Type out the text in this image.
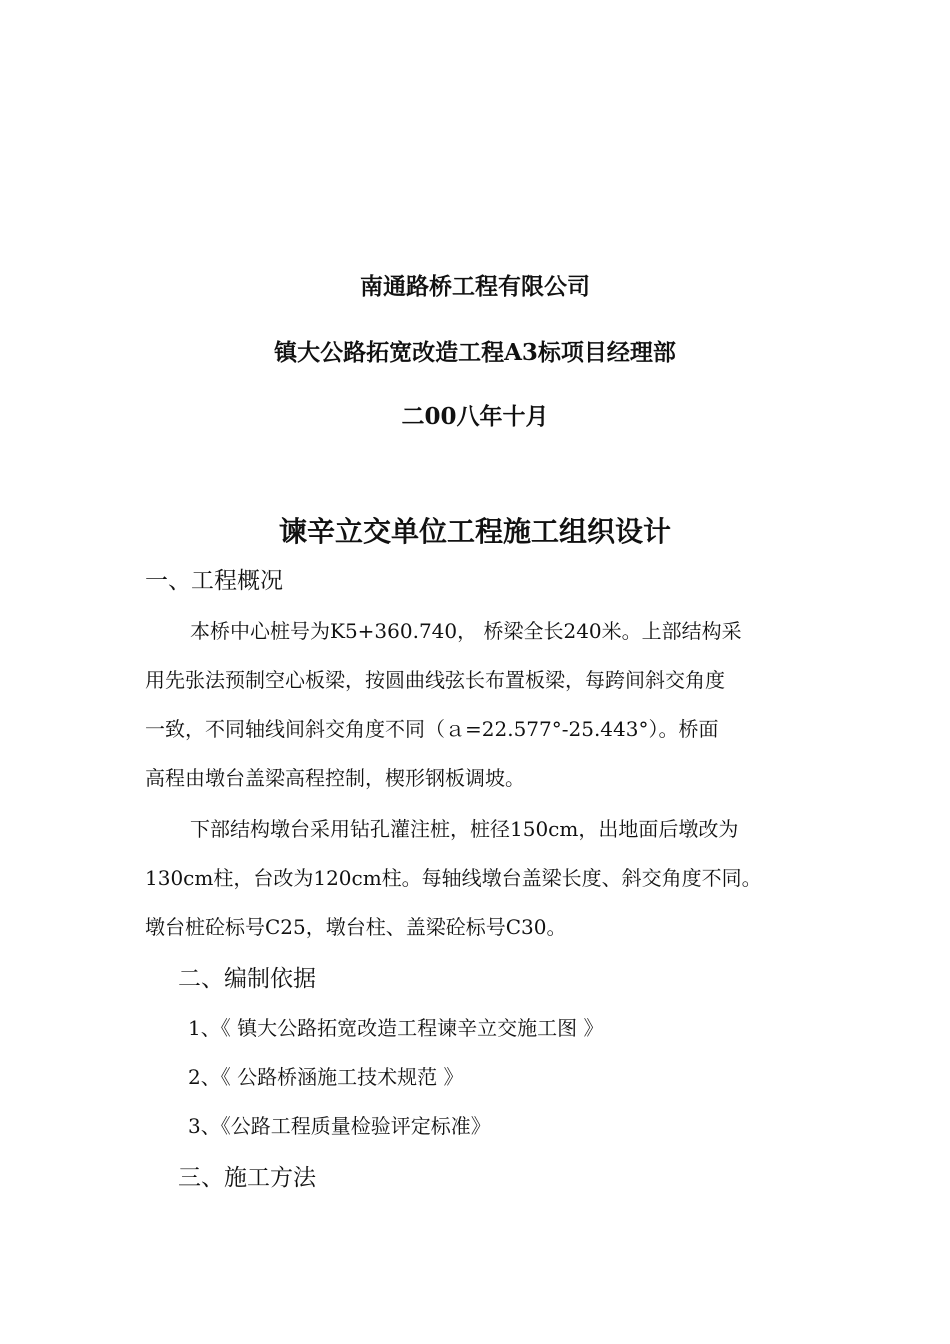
南通路桥工程有限公司
镇大公路拓宽改造工程A3标项目经理部
二00八年十月
谏辛立交单位工程施工组织设计
一、工程概况
本桥中心桩号为K5+360.740， 桥梁全长240米。上部结构采
用先张法预制空心板梁，按圆曲线弦长布置板梁，每跨间斜交角度
一致，不同轴线间斜交角度不同（ａ=22.577°-25.443°）。桥面
高程由墩台盖梁高程控制，楔形钢板调坡。
下部结构墩台采用钻孔灌注桩，桩径150cm，出地面后墩改为
130cm柱，台改为120cm柱。每轴线墩台盖梁长度、斜交角度不同。
墩台桩砼标号C25，墩台柱、盖梁砼标号C30。
二、编制依据
1、《 镇大公路拓宽改造工程谏辛立交施工图 》
2、《 公路桥涵施工技术规范 》
3、《公路工程质量检验评定标准》
三、施工方法
